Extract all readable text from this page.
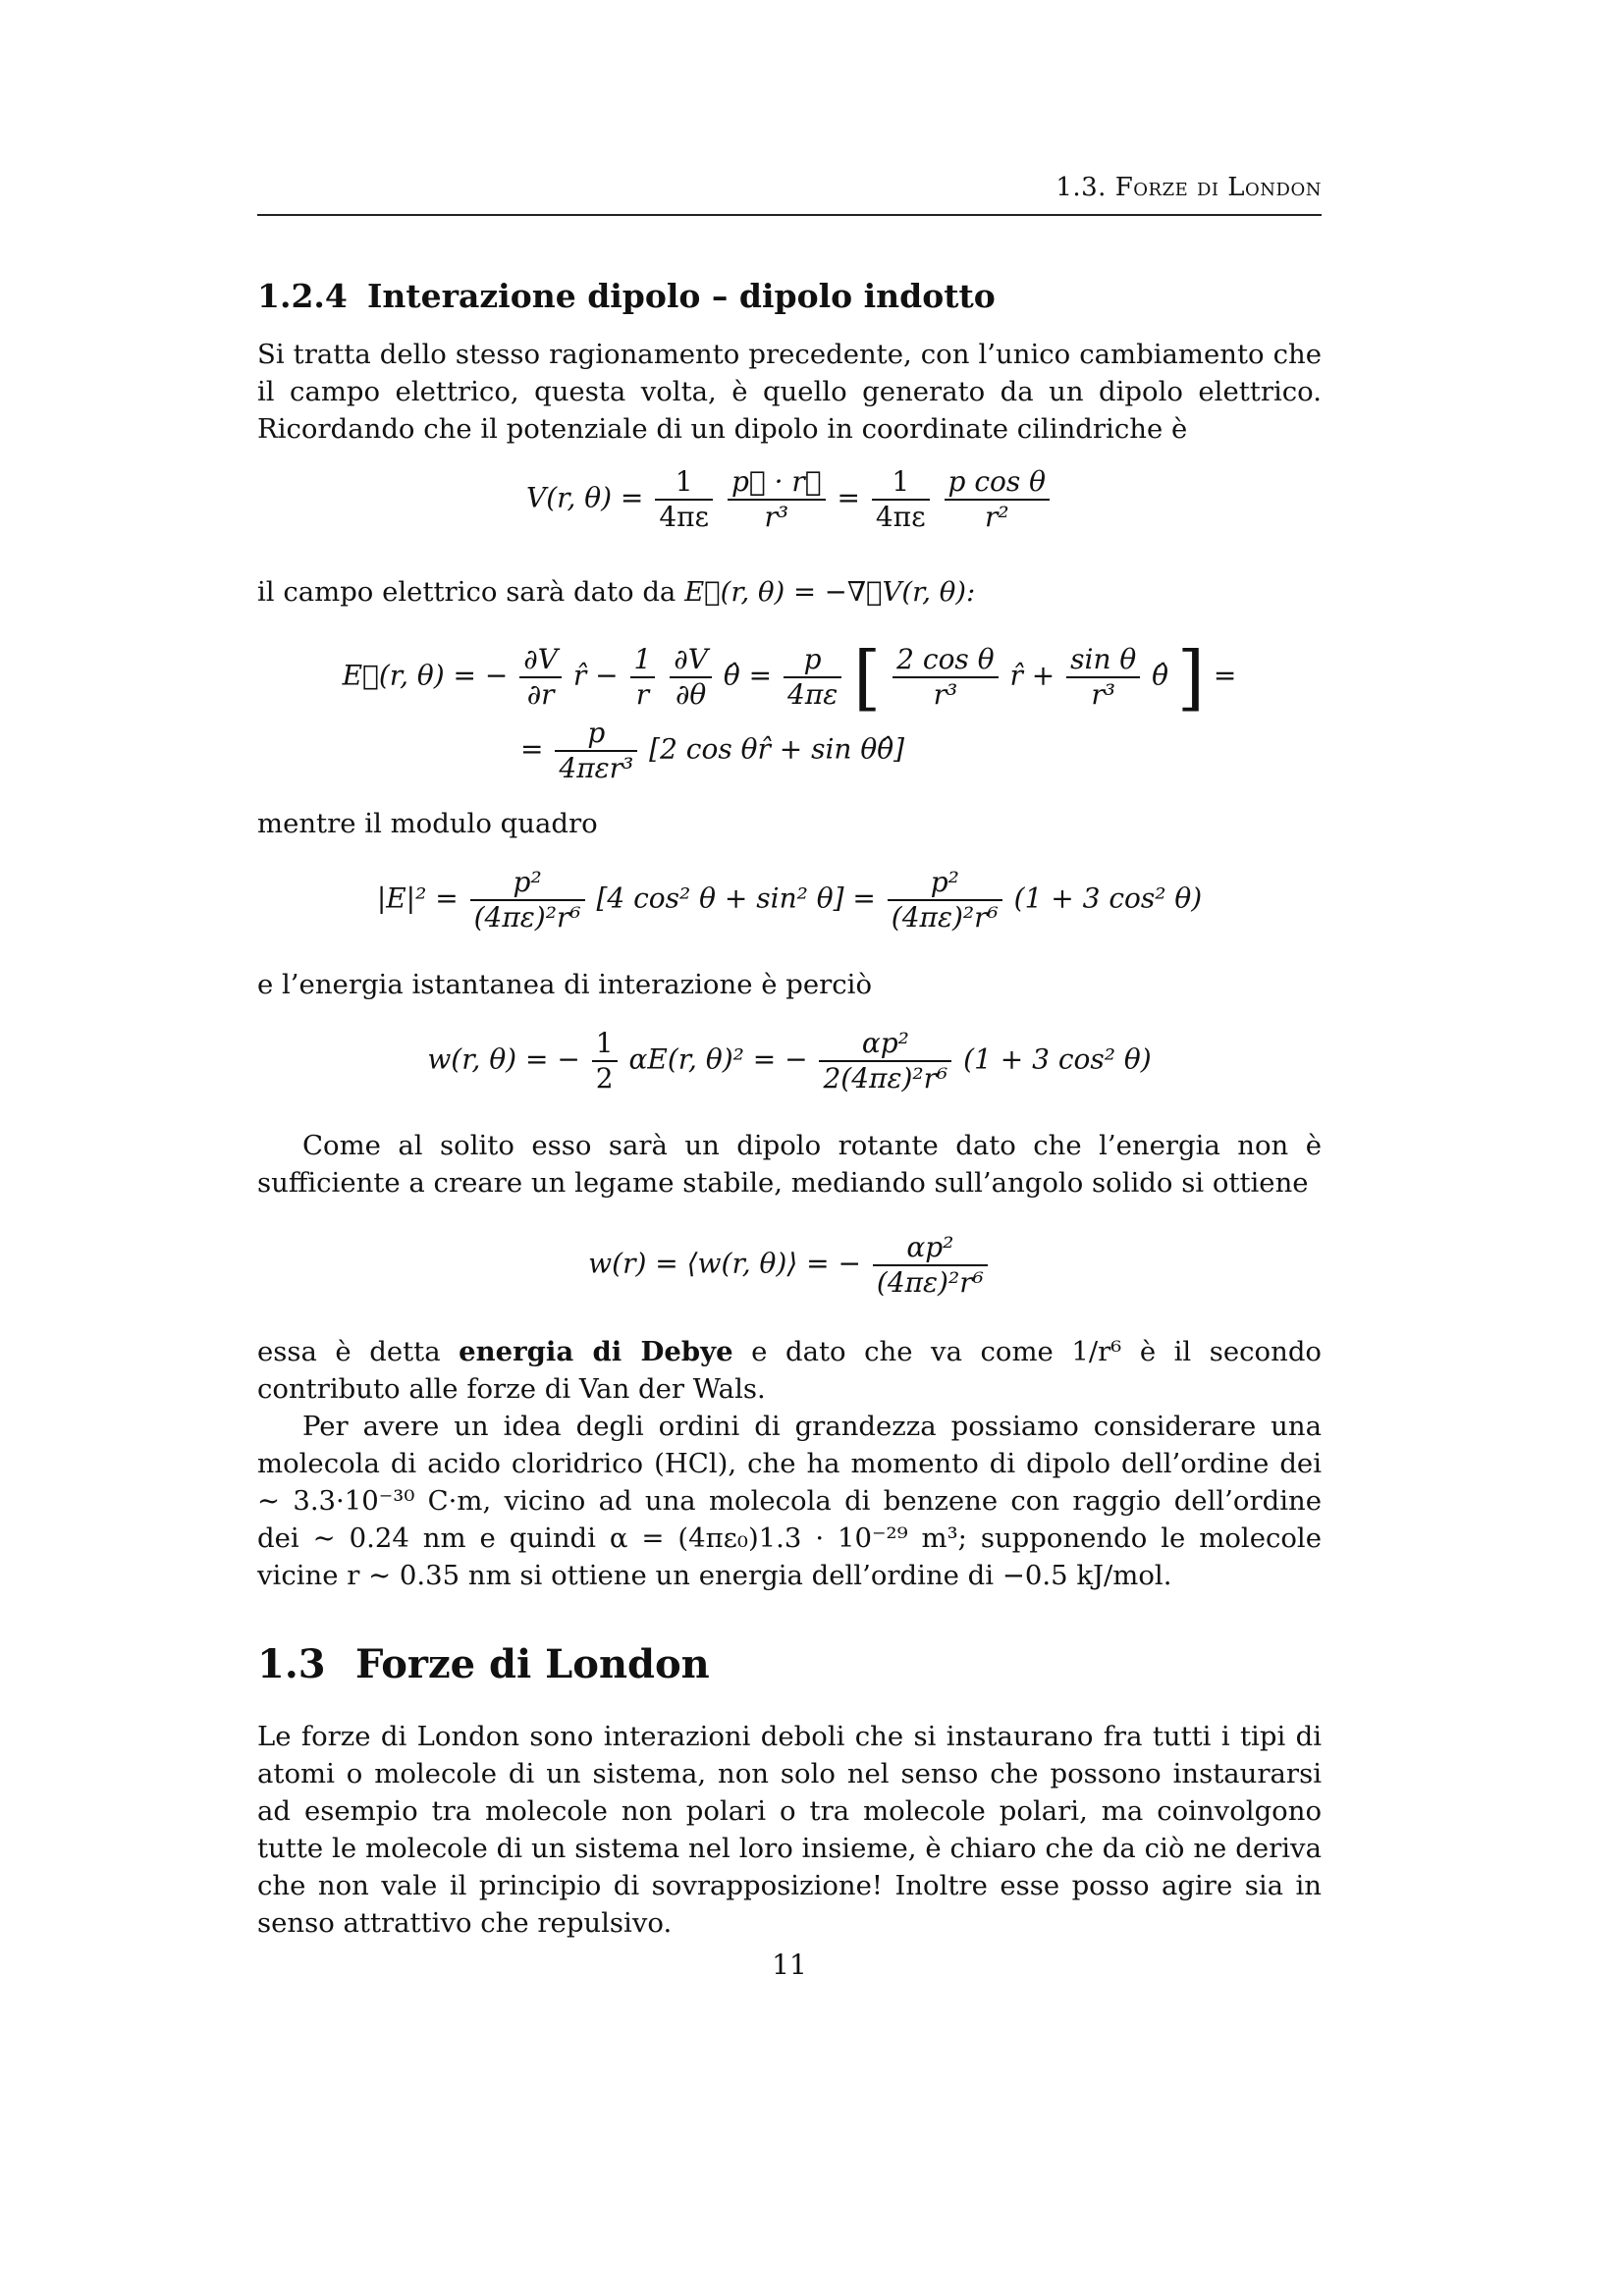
1.3. Forze di London
1.2.4 Interazione dipolo – dipolo indotto
Si tratta dello stesso ragionamento precedente, con l’unico cambiamento che il campo elettrico, questa volta, è quello generato da un dipolo elettrico. Ricordando che il potenziale di un dipolo in coordinate cilindriche è
V(r, $\theta) = \frac{1}{4\pi\varepsilon}$
$\frac{p⃗ \cdot r⃗}{\text{r³}} = \frac{1}{4\pi\varepsilon}$
$\frac{\text{p cos θ}}{\text{r²}}$
il campo elettrico sarà dato da E⃗(r, θ) = −∇⃗V(r, θ):
E⃗(r, θ) = − $\frac{\partial V}{\partial r}$ r̂ − $\frac{1}{r}$
$\frac{\partial V}{\partial\theta}$ θ̂ = $\frac{p}{4\pi\varepsilon}$ [ $\frac{\text{2 cos θ}}{\text{r³}}$ r̂ + $\frac{\text{sin θ}}{\text{r³}}$ θ̂ ] =
= $\frac{p}{\text{4πεr³}} [2$ cos θr̂ + sin θθ̂]
mentre il modulo quadro
$|E|^2 = \frac{\text{p²}}{\text{(4πε)²r⁶}} [4$ cos² θ + sin² $\theta] = \frac{\text{p²}}{\text{(4πε)²r⁶}} (1 + 3$ cos² θ)
e l’energia istantanea di interazione è perciò
w(r, θ) = − $\frac{1}{2} \alpha E(r$, θ)² = − $\frac{\text{αp²}}{\text{2(4πε)²r⁶}} (1 + 3$ cos² θ)
Come al solito esso sarà un dipolo rotante dato che l’energia non è sufficiente a creare un legame stabile, mediando sull’angolo solido si ottiene
w(r) = ⟨w(r, θ)⟩ = − $\frac{\text{αp²}}{\text{(4πε)²r⁶}}$
essa è detta energia di Debye e dato che va come 1/r⁶ è il secondo contributo alle forze di Van der Wals.
Per avere un idea degli ordini di grandezza possiamo considerare una molecola di acido cloridrico (HCl), che ha momento di dipolo dell’ordine dei ∼ 3.3·10⁻³⁰ C·m, vicino ad una molecola di benzene con raggio dell’ordine dei ∼ 0.24 nm e quindi α = (4πε₀)1.3 · 10⁻²⁹ m³; supponendo le molecole vicine r ∼ 0.35 nm si ottiene un energia dell’ordine di −0.5 kJ/mol.
1.3 Forze di London
Le forze di London sono interazioni deboli che si instaurano fra tutti i tipi di atomi o molecole di un sistema, non solo nel senso che possono instaurarsi ad esempio tra molecole non polari o tra molecole polari, ma coinvolgono tutte le molecole di un sistema nel loro insieme, è chiaro che da ciò ne deriva che non vale il principio di sovrapposizione! Inoltre esse posso agire sia in senso attrattivo che repulsivo.
11
